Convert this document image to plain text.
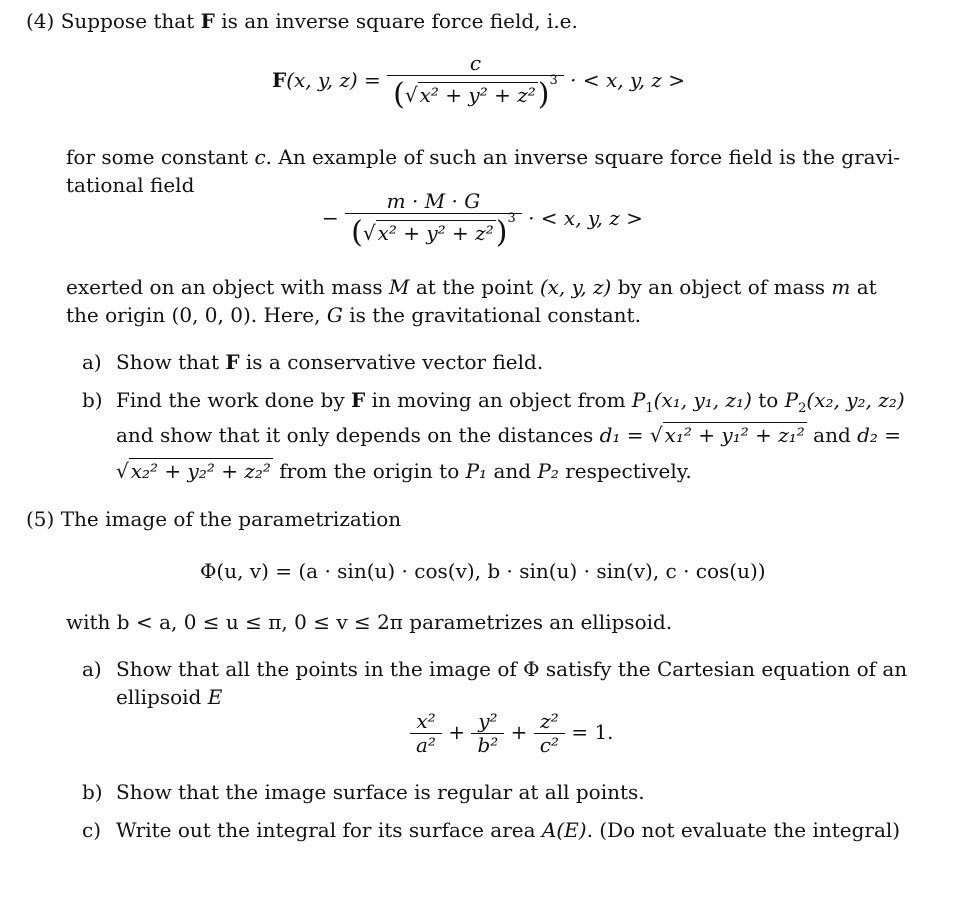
(4) Suppose that F is an inverse square force field, i.e.
F(x, y, $z) = \frac{c}{(√ x^2 + y^2 + z^2)^3}$ · < x, y, z >
for some constant c. An example of such an inverse square force field is the gravi-
tational field
− $\frac{m \cdot M \cdot G}{(√ x^2 + y^2 + z^2)^3}$ · < x, y, z >
exerted on an object with mass M at the point (x, y, z) by an object of mass m at
the origin (0, 0, 0). Here, G is the gravitational constant.
a) Show that F is a conservative vector field.
b) Find the work done by F in moving an object from $P_1(x_1$, y₁, z₁) to $P_2(x_2$, y₂, z₂)
and show that it only depends on the distances d₁ = √ x₁² + y₁² + z₁² and d₂ =
√ x₂² + y₂² + z₂² from the origin to P₁ and P₂ respectively.
(5) The image of the parametrization
Φ(u, v) = (a · sin(u) · cos(v), b · sin(u) · sin(v), c · cos(u))
with b < a, 0 ≤ u ≤ π, 0 ≤ v ≤ 2π parametrizes an ellipsoid.
a) Show that all the points in the image of Φ satisfy the Cartesian equation of an
ellipsoid E
$\frac{\text{x²}}{\text{a²}} + \frac{\text{y²}}{\text{b²}} + \frac{\text{z²}}{\text{c²}} = 1$.
b) Show that the image surface is regular at all points.
c) Write out the integral for its surface area A(E). (Do not evaluate the integral)
